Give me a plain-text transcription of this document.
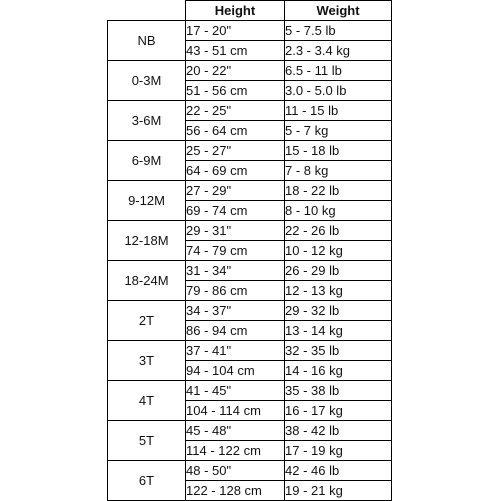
	Height	Weight
NB	17 - 20"	5 - 7.5 lb
	43 - 51 cm	2.3 - 3.4 kg
0-3M	20 - 22"	6.5 - 11 lb
	51 - 56 cm	3.0 - 5.0 lb
3-6M	22 - 25"	11 - 15 lb
	56 - 64 cm	5 - 7 kg
6-9M	25 - 27"	15 - 18 lb
	64 - 69 cm	7 - 8 kg
9-12M	27 - 29"	18 - 22 lb
	69 - 74 cm	8 - 10 kg
12-18M	29 - 31"	22 - 26 lb
	74 - 79 cm	10 - 12 kg
18-24M	31 - 34"	26 - 29 lb
	79 - 86 cm	12 - 13 kg
2T	34 - 37"	29 - 32 lb
	86 - 94 cm	13 - 14 kg
3T	37 - 41"	32 - 35 lb
	94 - 104 cm	14 - 16 kg
4T	41 - 45"	35 - 38 lb
	104 - 114 cm	16 - 17 kg
5T	45 - 48"	38 - 42 lb
	114 - 122 cm	17 - 19 kg
6T	48 - 50"	42 - 46 lb
	122 - 128 cm	19 - 21 kg
